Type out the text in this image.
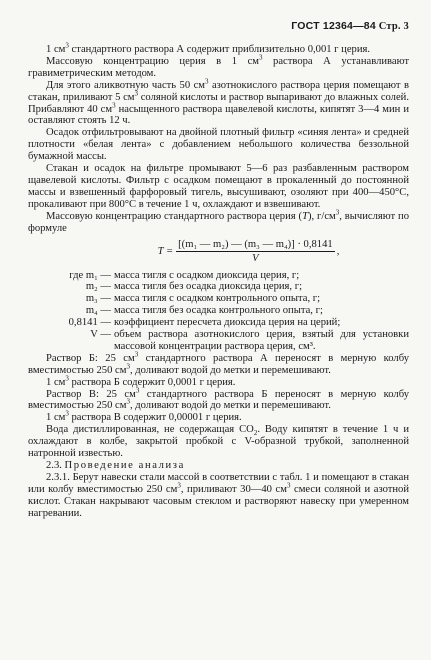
ГОСТ 12364—84 Стр. 3

1 $см^3$ стандартного раствора А содержит приблизительно 0,001 г церия.

Массовую концентрацию церия в 1 $см^3$ раствора А устанавливают гравиметрическим методом.

Для этого аликвотную часть 50 $см^3$ азотнокислого раствора церия помещают в стакан, приливают 5 $см^3$ соляной кислоты и раствор выпаривают до влажных солей. Прибавляют 40 $см^3$ насыщенного раствора щавелевой кислоты, кипятят 3—4 мин и оставляют стоять 12 ч.

Осадок отфильтровывают на двойной плотный фильтр «синяя лента» и средней плотности «белая лента» с добавлением небольшого количества беззольной бумажной массы.

Стакан и осадок на фильтре промывают 5—6 раз разбавленным раствором щавелевой кислоты. Фильтр с осадком помещают в прокаленный до постоянной массы и взвешенный фарфоровый тигель, высушивают, озоляют при 400—450°С, прокаливают при 800°С в течение 1 ч, охлаждают и взвешивают.

Массовую концентрацию стандартного раствора церия (T), $г/см^3$, вычисляют по формуле

$T = \frac{\text{[(m₁ — m₂) — (m₃ — m₄)] · 0,8141}}{V}$ ,
где m₁ — масса тигля с осадком диоксида церия, г;
m₂ — масса тигля без осадка диоксида церия, г;
m₃ — масса тигля с осадком контрольного опыта, г;
m₄ — масса тигля без осадка контрольного опыта, г;
0,8141 — коэффициент пересчета диоксида церия на церий;
V — объем раствора азотнокислого церия, взятый для установки массовой концентрации раствора церия, см³.

Раствор Б: 25 $см^3$ стандартного раствора А переносят в мерную колбу вместимостью 250 $см^3$, доливают водой до метки и перемешивают.

1 $см^3$ раствора Б содержит 0,0001 г церия.

Раствор В: 25 $см^3$ стандартного раствора Б переносят в мерную колбу вместимостью 250 $см^3$, доливают водой до метки и перемешивают.

1 $см^3$ раствора В содержит 0,00001 г церия.

Вода дистиллированная, не содержащая $CO_2$. Воду кипятят в течение 1 ч и охлаждают в колбе, закрытой пробкой с V-образной трубкой, заполненной натронной известью.

2.3. Проведение анализа

2.3.1. Берут навески стали массой в соответствии с табл. 1 и помещают в стакан или колбу вместимостью 250 $см^3$, приливают 30—40 $см^3$ смеси соляной и азотной кислот. Стакан накрывают часовым стеклом и растворяют навеску при умеренном нагревании.
